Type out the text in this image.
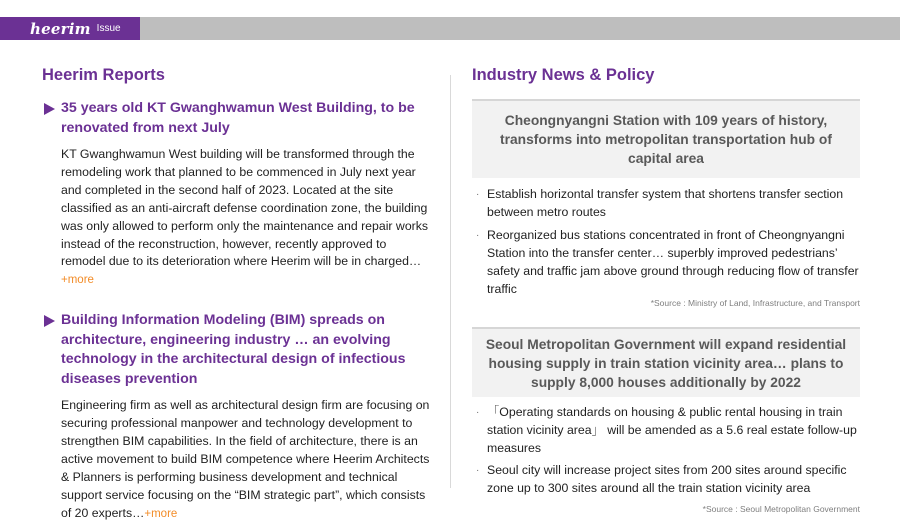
heerim Issue
Heerim Reports
35 years old KT Gwanghwamun West Building, to be renovated from next July
KT Gwanghwamun West building will be transformed through the remodeling work that planned to be commenced in July next year and completed in the second half of 2023. Located at the site classified as an anti-aircraft defense coordination zone, the building was only allowed to perform only the maintenance and repair works instead of the reconstruction, however, recently approved to remodel due to its deterioration where Heerim will be in charged…+more
Building Information Modeling (BIM) spreads on architecture, engineering industry … an evolving technology in the architectural design of infectious diseases prevention
Engineering firm as well as architectural design firm are focusing on securing professional manpower and technology development to strengthen BIM capabilities. In the field of architecture, there is an active movement to build BIM competence where Heerim Architects & Planners is performing business development and technical support service focusing on the “BIM strategic part”, which consists of 20 experts…+more
Industry News & Policy
Cheongnyangni Station with 109 years of history, transforms into metropolitan transportation hub of capital area
· Establish horizontal transfer system that shortens transfer section between metro routes
· Reorganized bus stations concentrated in front of Cheongnyangni Station into the transfer center… superbly improved pedestrians’ safety and traffic jam above ground through reducing flow of transfer traffic
*Source : Ministry of Land, Infrastructure, and Transport
Seoul Metropolitan Government will expand residential housing supply in train station vicinity area… plans to supply 8,000 houses additionally by 2022
· 「Operating standards on housing & public rental housing in train station vicinity area」 will be amended as a 5.6 real estate follow-up measures
· Seoul city will increase project sites from 200 sites around specific zone up to 300 sites around all the train station vicinity area
*Source : Seoul Metropolitan Government
